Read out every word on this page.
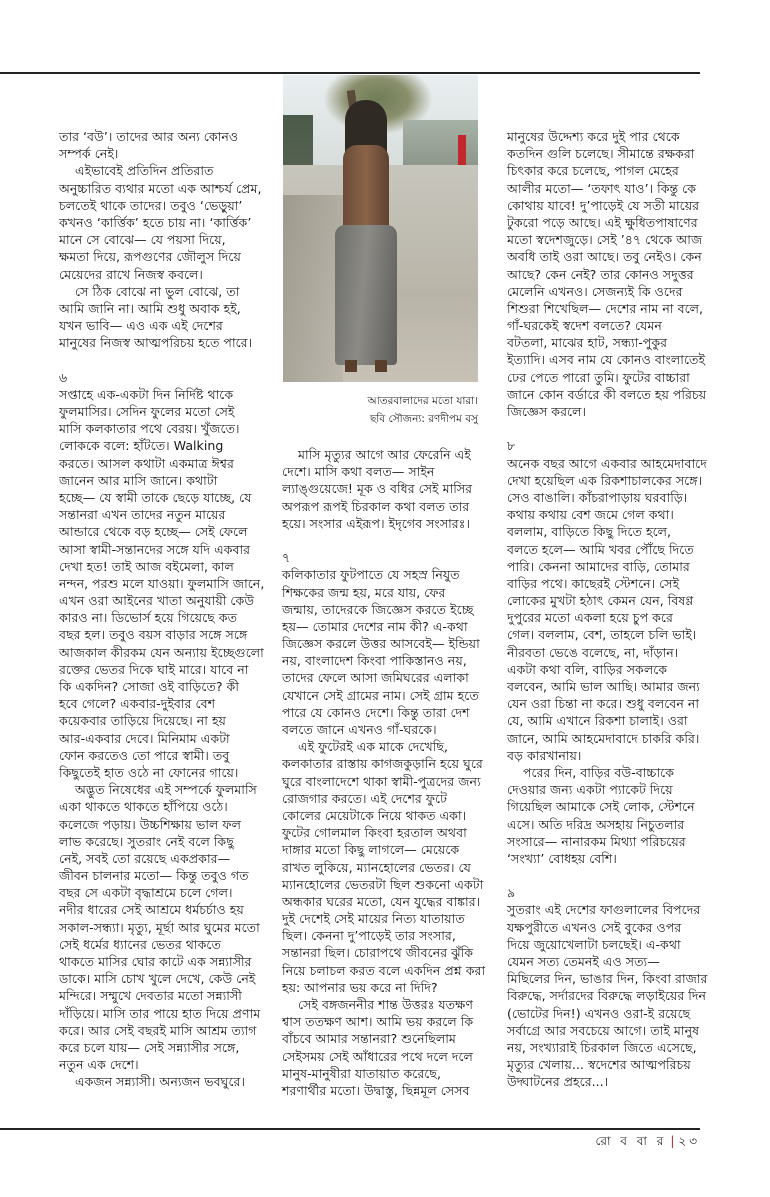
আতরবালাদের মতো যারা।
ছবি সৌজন্য: রণদীপম বসু
তার ‘বউ’। তাদের আর অন্য কোনও
সম্পর্ক নেই।
এইভাবেই প্রতিদিন প্রতিরাত
অনুচ্চারিত ব্যথার মতো এক আশ্চর্য প্রেম,
চলতেই থাকে তাদের। তবুও ‘ভেড়ুয়া’
কখনও ‘কার্ত্তিক’ হতে চায় না। ‘কার্ত্তিক’
মানে সে বোঝে— যে পয়সা দিয়ে,
ক্ষমতা দিয়ে, রূপগুণের জৌলুস দিয়ে
মেয়েদের রাখে নিজস্ব কবলে।
সে ঠিক বোঝে না ভুল বোঝে, তা
আমি জানি না। আমি শুধু অবাক হই,
যখন ভাবি— এও এক এই দেশের
মানুষের নিজস্ব আত্মপরিচয় হতে পারে।
৬
সপ্তাহে এক-একটা দিন নির্দিষ্ট থাকে
ফুলমাসির। সেদিন ফুলের মতো সেই
মাসি কলকাতার পথে বেরয়। খুঁজতে।
লোককে বলে: হাঁটতে। Walking
করতে। আসল কথাটা একমাত্র ঈশ্বর
জানেন আর মাসি জানে। কথাটা
হচ্ছে— যে স্বামী তাকে ছেড়ে যাচ্ছে, যে
সন্তানরা এখন তাদের নতুন মায়ের
আন্ডারে থেকে বড় হচ্ছে— সেই ফেলে
আসা স্বামী-সন্তানদের সঙ্গে যদি একবার
দেখা হত! তাই আজ বইমেলা, কাল
নন্দন, পরশু মলে যাওয়া। ফুলমাসি জানে,
এখন ওরা আইনের খাতা অনুযায়ী কেউ
কারও না। ডিভোর্স হয়ে গিয়েছে কত
বছর হল। তবুও বয়স বাড়ার সঙ্গে সঙ্গে
আজকাল কীরকম যেন অন্যায় ইচ্ছেগুলো
রক্তের ভেতর দিকে ঘাই মারে। যাবে না
কি একদিন? সোজা ওই বাড়িতে? কী
হবে গেলে? একবার-দুইবার বেশ
কয়েকবার তাড়িয়ে দিয়েছে। না হয়
আর-একবার দেবে। মিনিমাম একটা
ফোন করতেও তো পারে স্বামী। তবু
কিছুতেই হাত ওঠে না ফোনের গায়ে।
অদ্ভুত নিষেধের এই সম্পর্কে ফুলমাসি
একা থাকতে থাকতে হাঁপিয়ে ওঠে।
কলেজে পড়ায়। উচ্চশিক্ষায় ভাল ফল
লাভ করেছে। সুতরাং নেই বলে কিছু
নেই, সবই তো রয়েছে একপ্রকার—
জীবন চালনার মতো— কিন্তু তবুও গত
বছর সে একটা বৃদ্ধাশ্রমে চলে গেল।
নদীর ধারের সেই আশ্রমে ধর্মচর্চাও হয়
সকাল-সন্ধ্যা। মৃত্যু, মূর্ছা আর ঘুমের মতো
সেই ধর্মের ধ্যানের ভেতর থাকতে
থাকতে মাসির ঘোর কাটে এক সন্ন্যাসীর
ডাকে। মাসি চোখ খুলে দেখে, কেউ নেই
মন্দিরে। সম্মুখে দেবতার মতো সন্ন্যাসী
দাঁড়িয়ে। মাসি তার পায়ে হাত দিয়ে প্রণাম
করে। আর সেই বছরই মাসি আশ্রম ত্যাগ
করে চলে যায়— সেই সন্ন্যাসীর সঙ্গে,
নতুন এক দেশে।
একজন সন্ন্যাসী। অন্যজন ভবঘুরে।
মাসি মৃত্যুর আগে আর ফেরেনি এই
দেশে। মাসি কথা বলত— সাইন
ল্যাঙ্গুয়েজে! মূক ও বধির সেই মাসির
অপরূপ রূপই চিরকাল কথা বলত তার
হয়ে। সংসার এইরূপ। ইদৃগেব সংসারঃ।
৭
কলিকাতার ফুটপাতে যে সহস্র নিযুত
শিক্ষকের জন্ম হয়, মরে যায়, ফের
জন্মায়, তাদেরকে জিজ্ঞেস করতে ইচ্ছে
হয়— তোমার দেশের নাম কী? এ-কথা
জিজ্ঞেস করলে উত্তর আসবেই— ইন্ডিয়া
নয়, বাংলাদেশ কিংবা পাকিস্তানও নয়,
তাদের ফেলে আসা জমিঘরের এলাকা
যেখানে সেই গ্রামের নাম। সেই গ্রাম হতে
পারে যে কোনও দেশে। কিন্তু তারা দেশ
বলতে জানে এখনও গাঁ-ঘরকে।
এই ফুটেরই এক মাকে দেখেছি,
কলকাতার রাস্তায় কাগজকুড়ানি হয়ে ঘুরে
ঘুরে বাংলাদেশে থাকা স্বামী-পুত্রদের জন্য
রোজগার করতে। এই দেশের ফুটে
কোলের মেয়েটাকে নিয়ে থাকত একা।
ফুটের গোলমাল কিংবা হরতাল অথবা
দাঙ্গার মতো কিছু লাগলে— মেয়েকে
রাখত লুকিয়ে, ম্যানহোলের ভেতর। যে
ম্যানহোলের ভেতরটা ছিল শুকনো একটা
অন্ধকার ঘরের মতো, যেন যুদ্ধের বাঙ্কার।
দুই দেশেই সেই মায়ের নিত্য যাতায়াত
ছিল। কেননা দু’পাড়েই তার সংসার,
সন্তানরা ছিল। চোরাপথে জীবনের ঝুঁকি
নিয়ে চলাচল করত বলে একদিন প্রশ্ন করা
হয়: আপনার ভয় করে না দিদি?
সেই বঙ্গজননীর শান্ত উত্তরঃ যতক্ষণ
শ্বাস ততক্ষণ আশ। আমি ভয় করলে কি
বাঁচবে আমার সন্তানরা? শুনেছিলাম
সেইসময় সেই আঁধারের পথে দলে দলে
মানুষ-মানুষীরা যাতায়াত করেছে,
শরণার্থীর মতো। উদ্বাস্তু, ছিন্নমূল সেসব
মানুষের উদ্দেশ্য করে দুই পার থেকে
কতদিন গুলি চলেছে। সীমান্তে রক্ষকরা
চিৎকার করে চলেছে, পাগল মেহের
আলীর মতো— ‘তফাৎ যাও’। কিন্তু কে
কোথায় যাবে! দু’পাড়েই যে সতী মায়ের
টুকরো পড়ে আছে। এই ক্ষুধিতপাষাণের
মতো স্বদেশজুড়ে। সেই ’৪৭ থেকে আজ
অবধি তাই ওরা আছে। তবু নেইও। কেন
আছে? কেন নেই? তার কোনও সদুত্তর
মেলেনি এখনও। সেজন্যই কি ওদের
শিশুরা শিখেছিল— দেশের নাম না বলে,
গাঁ-ঘরকেই স্বদেশ বলতে? যেমন
বটতলা, মাঝের হাট, সন্ধ্যা-পুকুর
ইত্যাদি। এসব নাম যে কোনও বাংলাতেই
ঢের পেতে পারো তুমি। ফুটের বাচ্চারা
জানে কোন বর্ডারে কী বলতে হয় পরিচয়
জিজ্ঞেস করলে।
৮
অনেক বছর আগে একবার আহমেদাবাদে
দেখা হয়েছিল এক রিকশাচালকের সঙ্গে।
সেও বাঙালি। কাঁচরাপাড়ায় ঘরবাড়ি।
কথায় কথায় বেশ জমে গেল কথা।
বললাম, বাড়িতে কিছু দিতে হলে,
বলতে হলে— আমি খবর পৌঁছে দিতে
পারি। কেননা আমাদের বাড়ি, তোমার
বাড়ির পথে। কাছেরই স্টেশনে। সেই
লোকের মুখটা হঠাৎ কেমন যেন, বিষণ্ণ
দুপুরের মতো একলা হয়ে চুপ করে
গেল। বললাম, বেশ, তাহলে চলি ভাই।
নীরবতা ভেঙে বলেছে, না, দাঁড়ান।
একটা কথা বলি, বাড়ির সকলকে
বলবেন, আমি ভাল আছি। আমার জন্য
যেন ওরা চিন্তা না করে। শুধু বলবেন না
যে, আমি এখানে রিকশা চালাই। ওরা
জানে, আমি আহমেদাবাদে চাকরি করি।
বড় কারখানায়।
পরের দিন, বাড়ির বউ-বাচ্চাকে
দেওয়ার জন্য একটা প্যাকেট দিয়ে
গিয়েছিল আমাকে সেই লোক, স্টেশনে
এসে। অতি দরিদ্র অসহায় নিচুতলার
সংসারে— নানারকম মিথ্যা পরিচয়ের
‘সংখ্যা’ বোধহয় বেশি।
৯
সুতরাং এই দেশের ফাগুলালের বিপদের
যক্ষপুরীতে এখনও সেই বুকের ওপর
দিয়ে জুয়োখেলাটা চলছেই। এ-কথা
যেমন সত্য তেমনই এও সত্য—
মিছিলের দিন, ভাঙার দিন, কিংবা রাজার
বিরুদ্ধে, সর্দারদের বিরুদ্ধে লড়াইয়ের দিন
(ভোটের দিন!) এখনও ওরা-ই রয়েছে
সর্বাগ্রে আর সবচেয়ে আগে। তাই মানুষ
নয়, সংখ্যারাই চিরকাল জিতে এসেছে,
মৃত্যুর খেলায়... স্বদেশের আত্মপরিচয়
উদ্ঘাটনের প্রহরে...।
রো ব বা র | ২৩
